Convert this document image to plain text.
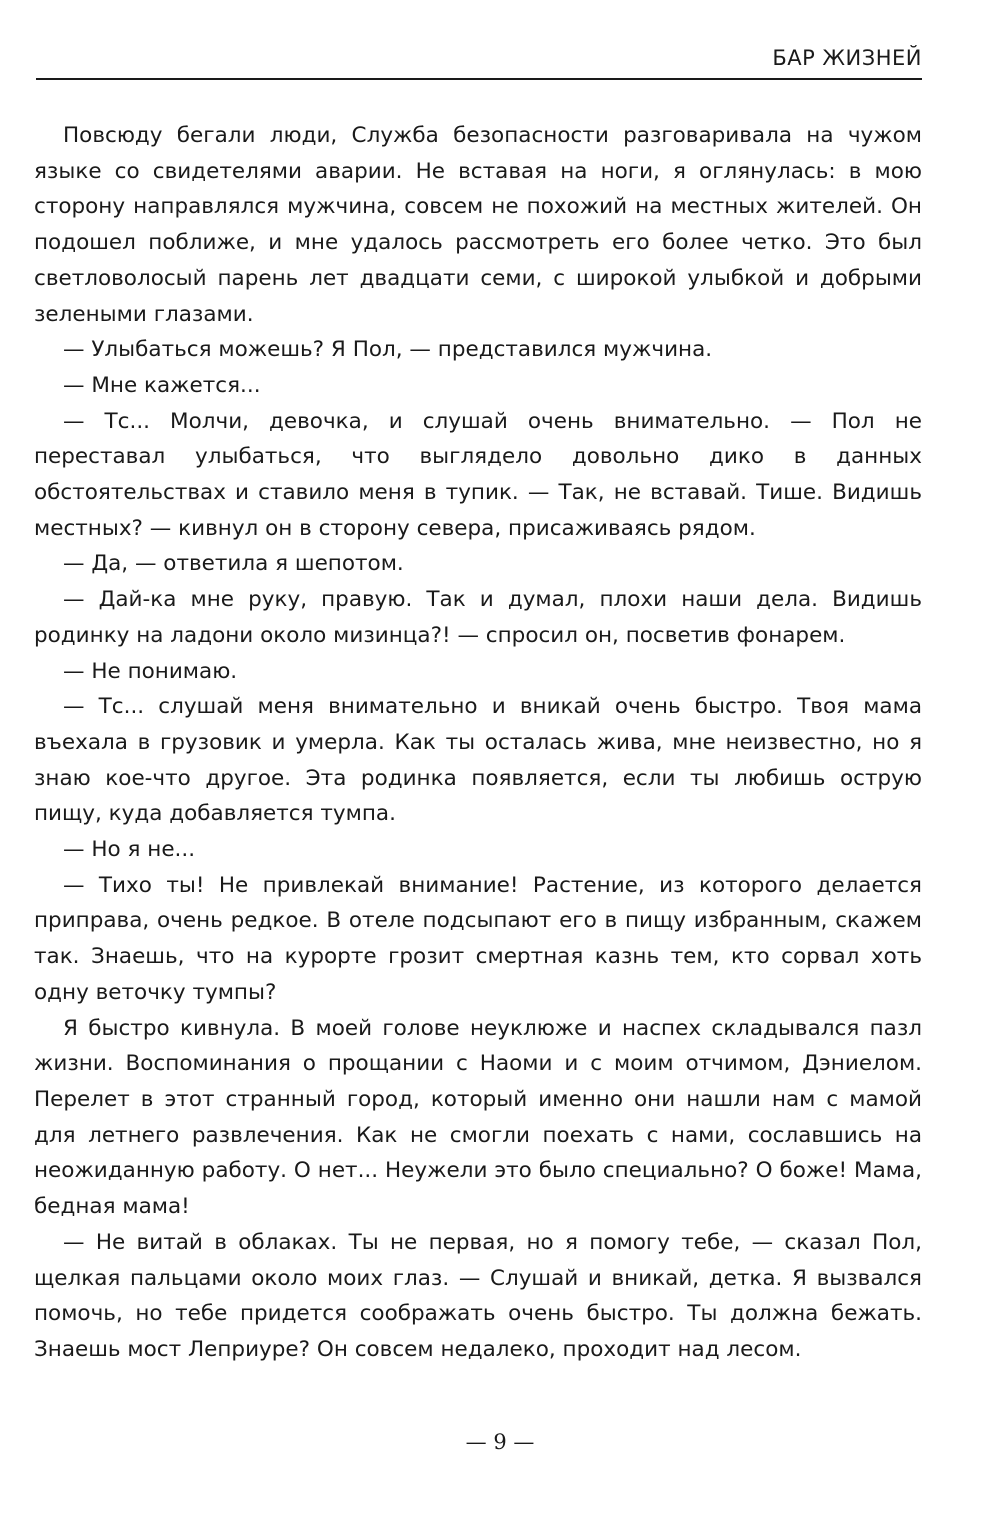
БАР ЖИЗНЕЙ

Повсюду бегали люди, Служба безопасности разговаривала на чужом языке со свидетелями аварии. Не вставая на ноги, я оглянулась: в мою сторону направлялся мужчина, совсем не похожий на местных жителей. Он подошел поближе, и мне удалось рассмотреть его более четко. Это был светловолосый парень лет двадцати семи, с широкой улыбкой и добрыми зелеными глазами.

— Улыбаться можешь? Я Пол, — представился мужчина.

— Мне кажется...

— Тс... Молчи, девочка, и слушай очень внимательно. — Пол не переставал улыбаться, что выглядело довольно дико в данных обстоятельствах и ставило меня в тупик. — Так, не вставай. Тише. Видишь местных? — кивнул он в сторону севера, присаживаясь рядом.

— Да, — ответила я шепотом.

— Дай-ка мне руку, правую. Так и думал, плохи наши дела. Видишь родинку на ладони около мизинца?! — спросил он, посветив фонарем.

— Не понимаю.

— Тс... слушай меня внимательно и вникай очень быстро. Твоя мама въехала в грузовик и умерла. Как ты осталась жива, мне неизвестно, но я знаю кое-что другое. Эта родинка появляется, если ты любишь острую пищу, куда добавляется тумпа.

— Но я не...

— Тихо ты! Не привлекай внимание! Растение, из которого делается приправа, очень редкое. В отеле подсыпают его в пищу избранным, скажем так. Знаешь, что на курорте грозит смертная казнь тем, кто сорвал хоть одну веточку тумпы?

Я быстро кивнула. В моей голове неуклюже и наспех складывался пазл жизни. Воспоминания о прощании с Наоми и с моим отчимом, Дэниелом. Перелет в этот странный город, который именно они нашли нам с мамой для летнего развлечения. Как не смогли поехать с нами, сославшись на неожиданную работу. О нет... Неужели это было специально? О боже! Мама, бедная мама!

— Не витай в облаках. Ты не первая, но я помогу тебе, — сказал Пол, щелкая пальцами около моих глаз. — Слушай и вникай, детка. Я вызвался помочь, но тебе придется соображать очень быстро. Ты должна бежать. Знаешь мост Леприуре? Он совсем недалеко, проходит над лесом.

— 9 —
